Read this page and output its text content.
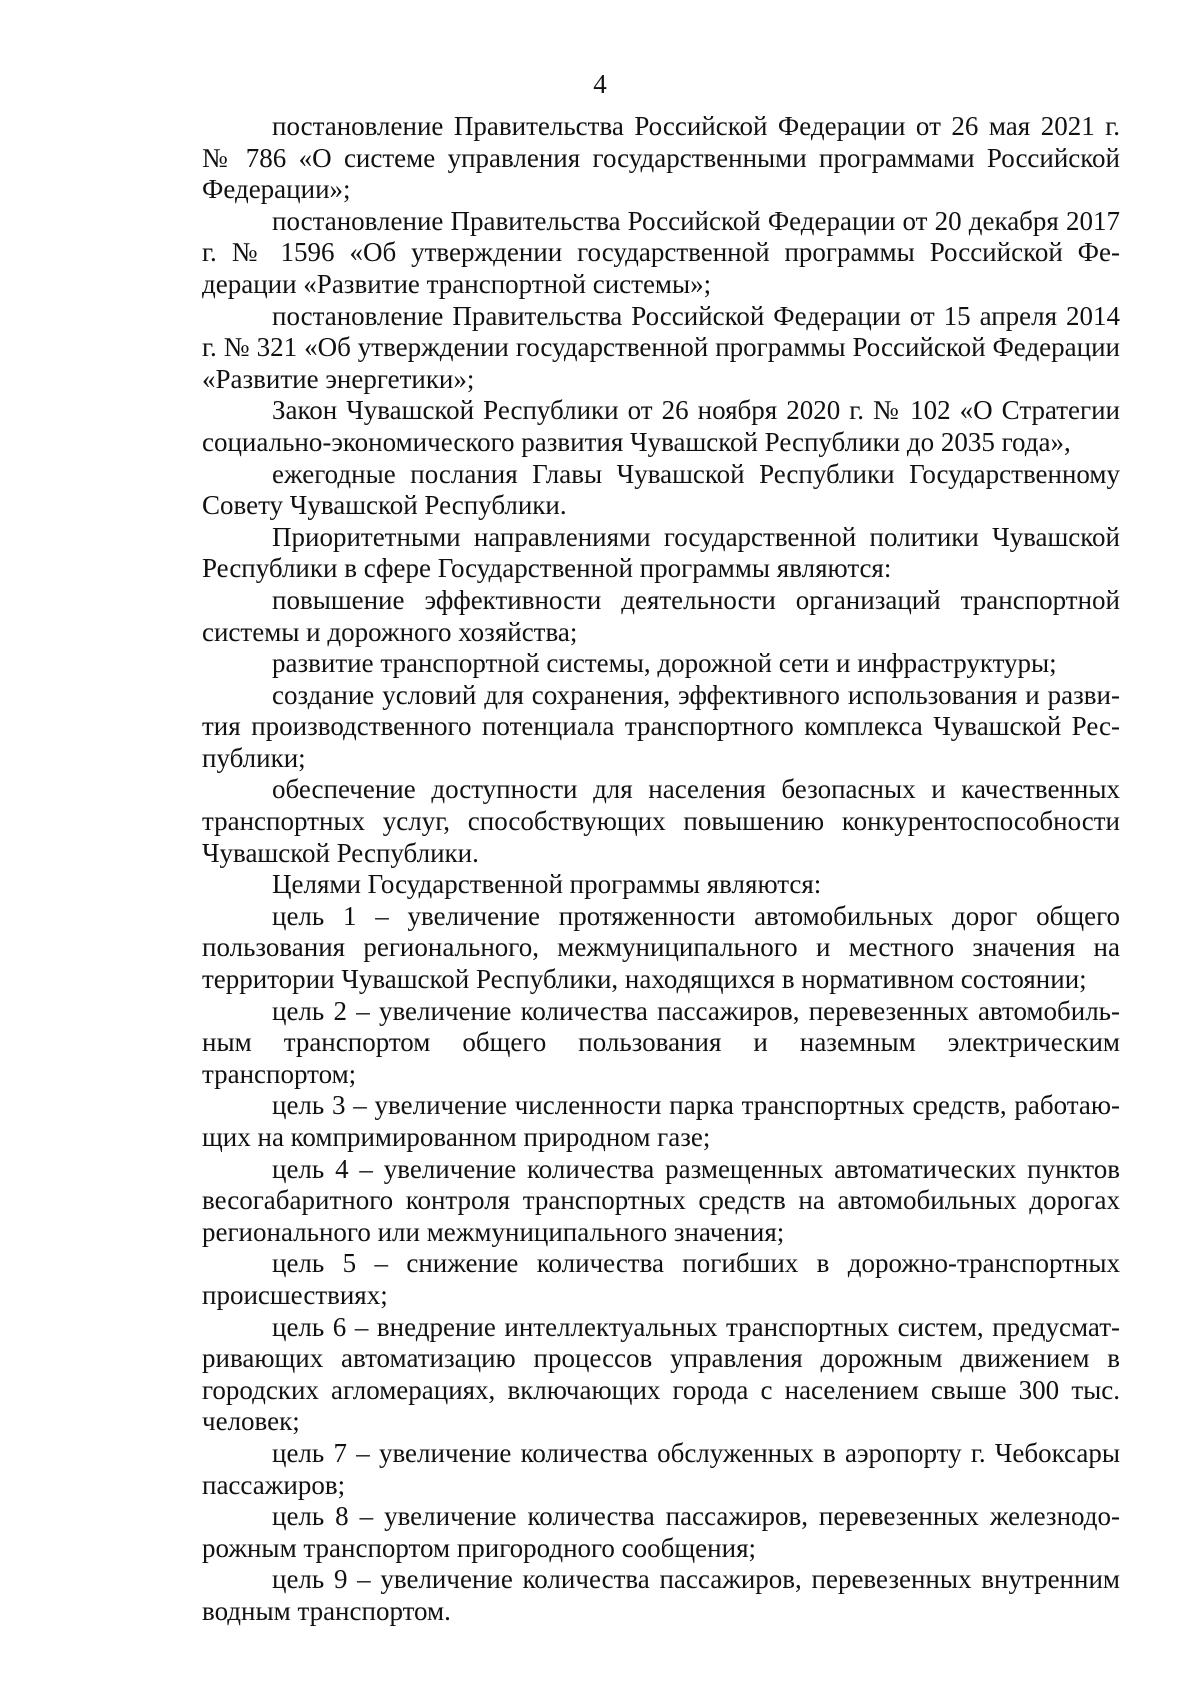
4

постановление Правительства Российской Федерации от 26 мая 2021 г. № 786 «О системе управления государственными программами Российской Федерации»;

постановление Правительства Российской Федерации от 20 декабря 2017 г. № 1596 «Об утверждении государственной программы Российской Федерации «Развитие транспортной системы»;

постановление Правительства Российской Федерации от 15 апреля 2014 г. № 321 «Об утверждении государственной программы Российской Федерации «Развитие энергетики»;

Закон Чувашской Республики от 26 ноября 2020 г. № 102 «О Стратегии социально-экономического развития Чувашской Республики до 2035 года»,

ежегодные послания Главы Чувашской Республики Государственному Совету Чувашской Республики.

Приоритетными направлениями государственной политики Чувашской Республики в сфере Государственной программы являются:

повышение эффективности деятельности организаций транспортной системы и дорожного хозяйства;

развитие транспортной системы, дорожной сети и инфраструктуры;

создание условий для сохранения, эффективного использования и развития производственного потенциала транспортного комплекса Чувашской Республики;

обеспечение доступности для населения безопасных и качественных транспортных услуг, способствующих повышению конкурентоспособности Чувашской Республики.

Целями Государственной программы являются:

цель 1 – увеличение протяженности автомобильных дорог общего пользования регионального, межмуниципального и местного значения на территории Чувашской Республики, находящихся в нормативном состоянии;

цель 2 – увеличение количества пассажиров, перевезенных автомобильным транспортом общего пользования и наземным электрическим транспортом;

цель 3 – увеличение численности парка транспортных средств, работающих на компримированном природном газе;

цель 4 – увеличение количества размещенных автоматических пунктов весогабаритного контроля транспортных средств на автомобильных дорогах регионального или межмуниципального значения;

цель 5 – снижение количества погибших в дорожно-транспортных происшествиях;

цель 6 – внедрение интеллектуальных транспортных систем, предусматривающих автоматизацию процессов управления дорожным движением в городских агломерациях, включающих города с населением свыше 300 тыс. человек;

цель 7 – увеличение количества обслуженных в аэропорту г. Чебоксары пассажиров;

цель 8 – увеличение количества пассажиров, перевезенных железнодорожным транспортом пригородного сообщения;

цель 9 – увеличение количества пассажиров, перевезенных внутренним водным транспортом.
